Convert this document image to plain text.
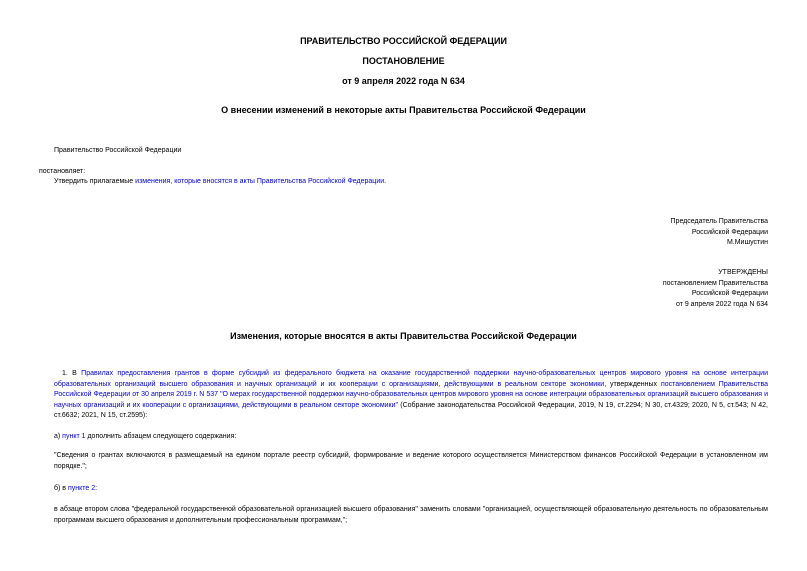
ПРАВИТЕЛЬСТВО РОССИЙСКОЙ ФЕДЕРАЦИИ
ПОСТАНОВЛЕНИЕ
от 9 апреля 2022 года N 634
О внесении изменений в некоторые акты Правительства Российской Федерации
Правительство Российской Федерации
постановляет:
Утвердить прилагаемые изменения, которые вносятся в акты Правительства Российской Федерации.
Председатель Правительства
Российской Федерации
М.Мишустин
УТВЕРЖДЕНЫ
постановлением Правительства
Российской Федерации
от 9 апреля 2022 года N 634
Изменения, которые вносятся в акты Правительства Российской Федерации
1. В Правилах предоставления грантов в форме субсидий из федерального бюджета на оказание государственной поддержки научно-образовательных центров мирового уровня на основе интеграции образовательных организаций высшего образования и научных организаций и их кооперации с организациями, действующими в реальном секторе экономики, утвержденных постановлением Правительства Российской Федерации от 30 апреля 2019 г. N 537 "О мерах государственной поддержки научно-образовательных центров мирового уровня на основе интеграции образовательных организаций высшего образования и научных организаций и их кооперации с организациями, действующими в реальном секторе экономики" (Собрание законодательства Российской Федерации, 2019, N 19, ст.2294; N 30, ст.4329; 2020, N 5, ст.543; N 42, ст.6632; 2021, N 15, ст.2595):
а) пункт 1 дополнить абзацем следующего содержания:
"Сведения о грантах включаются в размещаемый на едином портале реестр субсидий, формирование и ведение которого осуществляется Министерством финансов Российской Федерации в установленном им порядке.";
б) в пункте 2:
в абзаце втором слова "федеральной государственной образовательной организацией высшего образования" заменить словами "организацией, осуществляющей образовательную деятельность по образовательным программам высшего образования и дополнительным профессиональным программам,";
